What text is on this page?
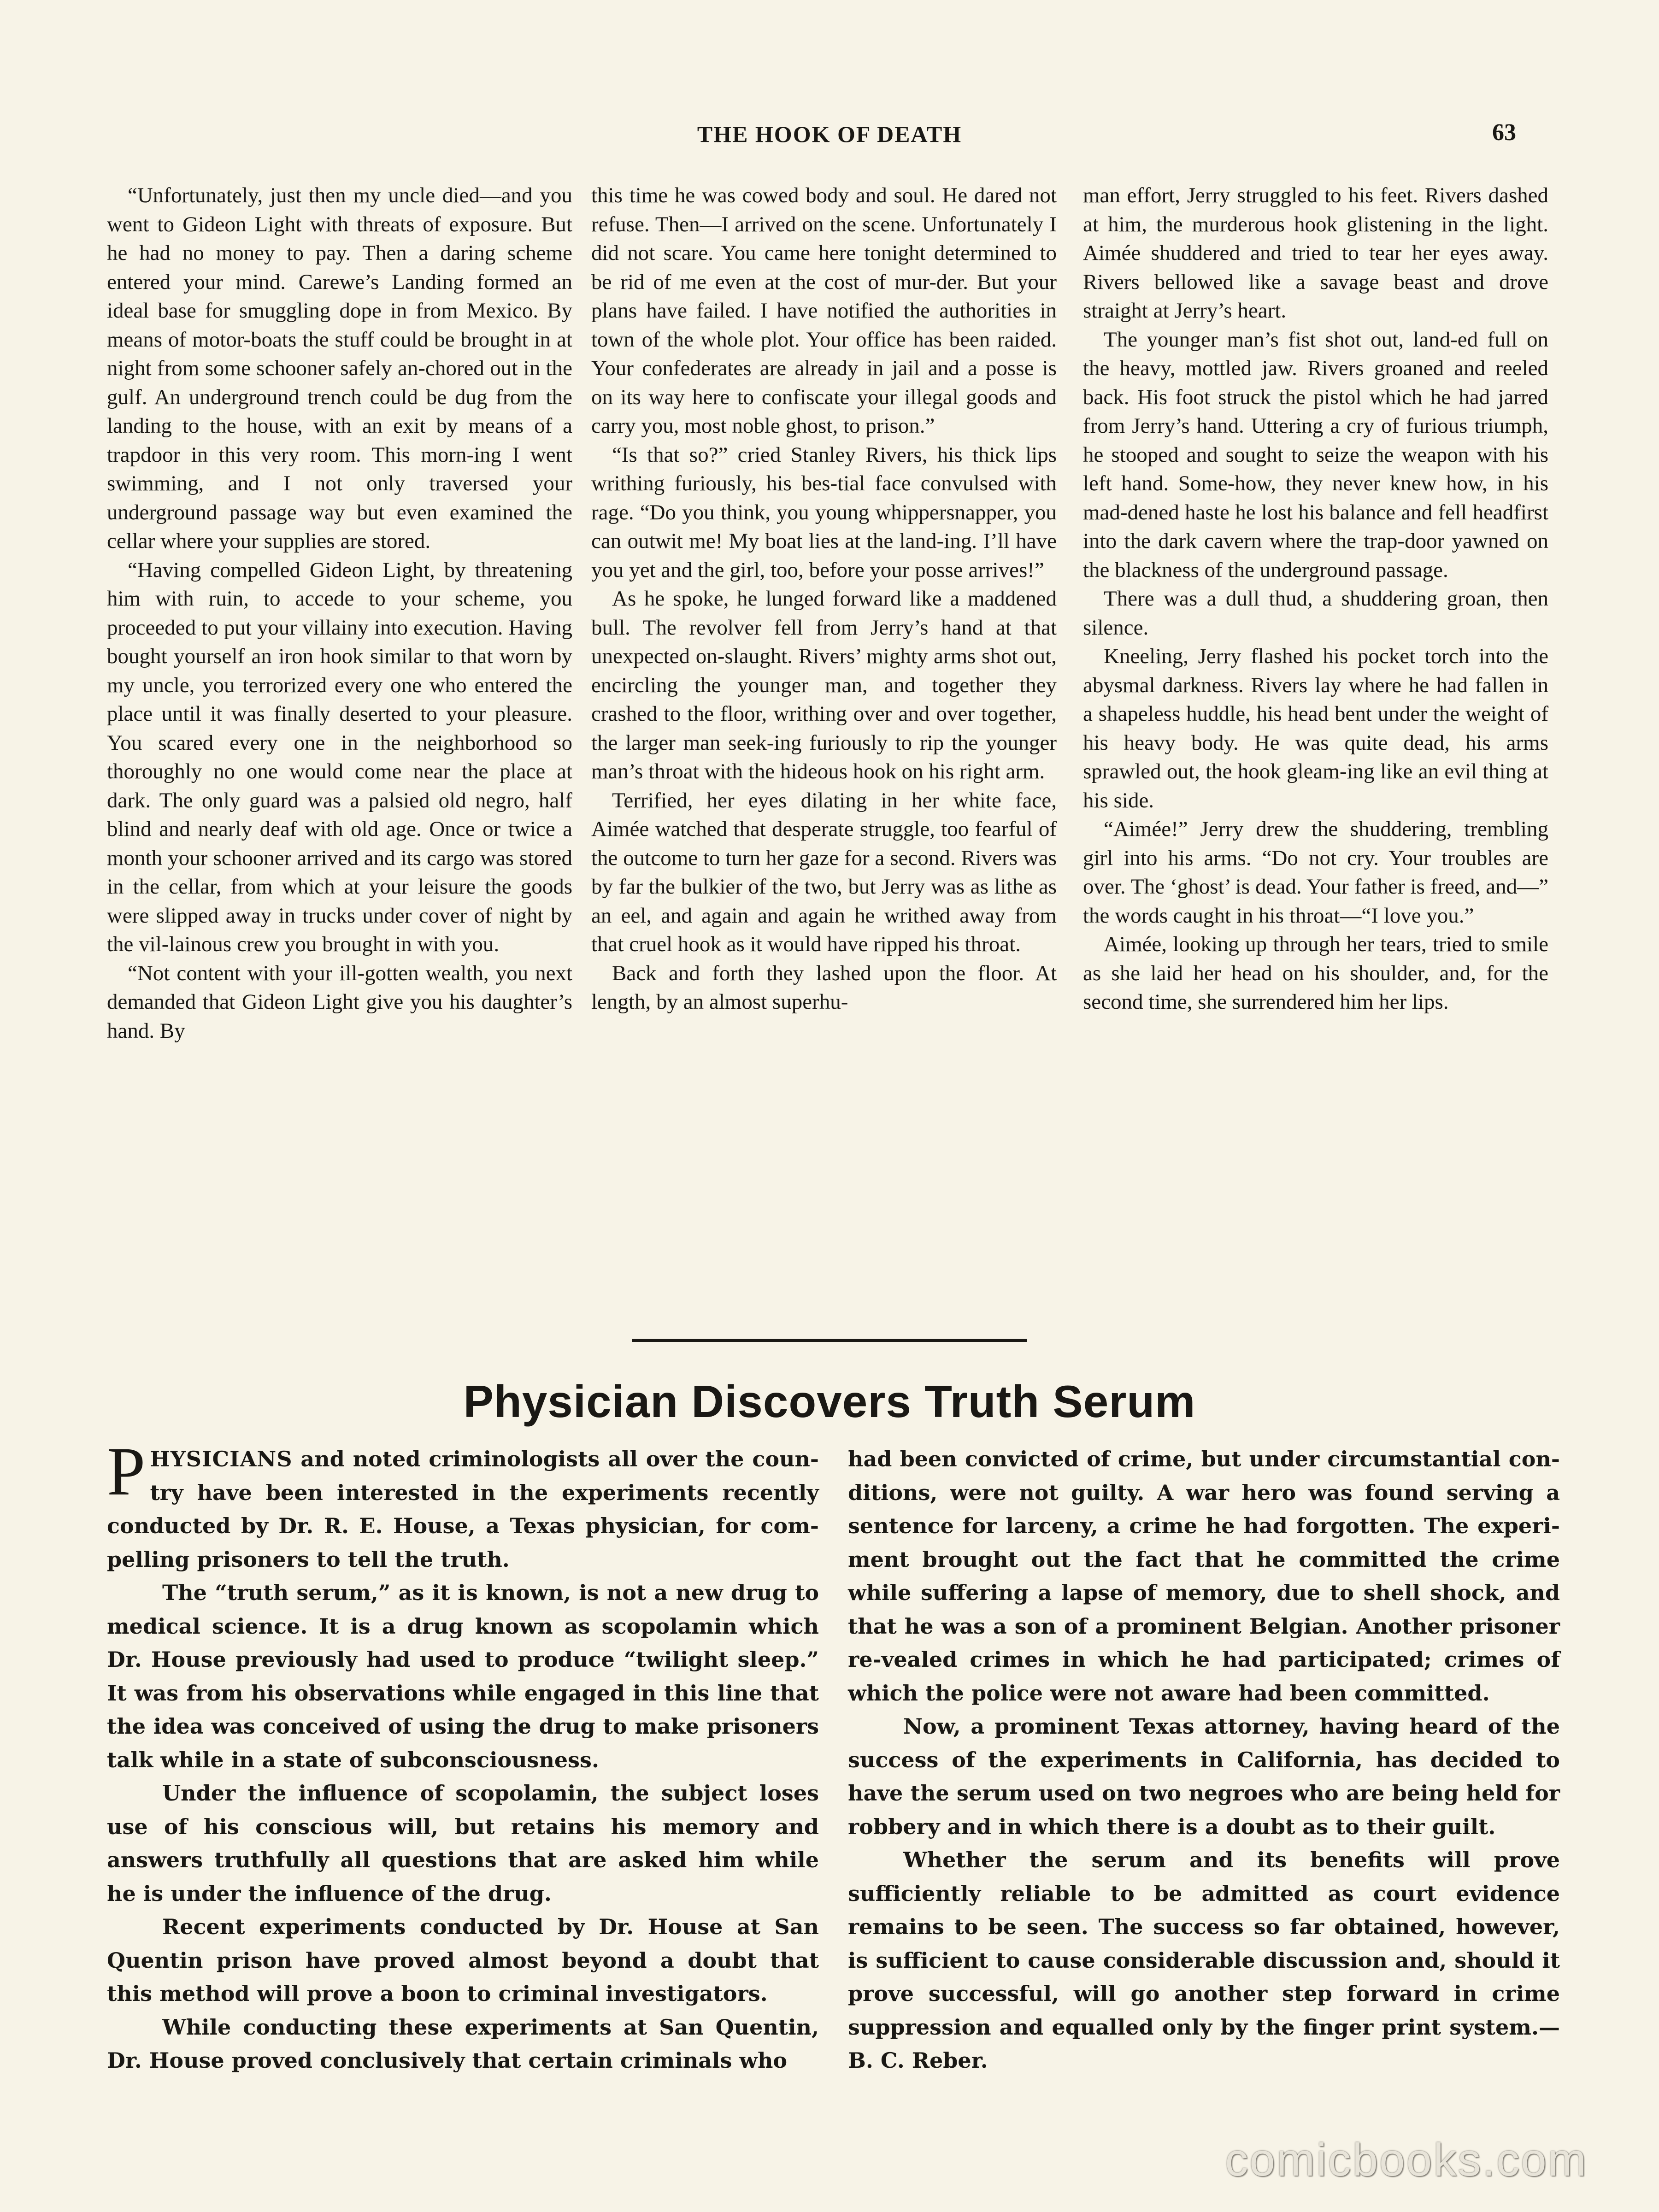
THE HOOK OF DEATH	63

“Unfortunately, just then my uncle died—and you went to Gideon Light with threats of exposure. But he had no money to pay. Then a daring scheme entered your mind. Carewe’s Landing formed an ideal base for smuggling dope in from Mexico. By means of motor-boats the stuff could be brought in at night from some schooner safely an-chored out in the gulf. An underground trench could be dug from the landing to the house, with an exit by means of a trapdoor in this very room. This morn-ing I went swimming, and I not only traversed your underground passage way but even examined the cellar where your supplies are stored.

“Having compelled Gideon Light, by threatening him with ruin, to accede to your scheme, you proceeded to put your villainy into execution. Having bought yourself an iron hook similar to that worn by my uncle, you terrorized every one who entered the place until it was finally deserted to your pleasure. You scared every one in the neighborhood so thoroughly no one would come near the place at dark. The only guard was a palsied old negro, half blind and nearly deaf with old age. Once or twice a month your schooner arrived and its cargo was stored in the cellar, from which at your leisure the goods were slipped away in trucks under cover of night by the vil-lainous crew you brought in with you.

“Not content with your ill-gotten wealth, you next demanded that Gideon Light give you his daughter’s hand. By

this time he was cowed body and soul. He dared not refuse. Then—I arrived on the scene. Unfortunately I did not scare. You came here tonight determined to be rid of me even at the cost of mur-der. But your plans have failed. I have notified the authorities in town of the whole plot. Your office has been raided. Your confederates are already in jail and a posse is on its way here to confiscate your illegal goods and carry you, most noble ghost, to prison.”

“Is that so?” cried Stanley Rivers, his thick lips writhing furiously, his bes-tial face convulsed with rage. “Do you think, you young whippersnapper, you can outwit me! My boat lies at the land-ing. I’ll have you yet and the girl, too, before your posse arrives!”

As he spoke, he lunged forward like a maddened bull. The revolver fell from Jerry’s hand at that unexpected on-slaught. Rivers’ mighty arms shot out, encircling the younger man, and together they crashed to the floor, writhing over and over together, the larger man seek-ing furiously to rip the younger man’s throat with the hideous hook on his right arm.

Terrified, her eyes dilating in her white face, Aimée watched that desperate struggle, too fearful of the outcome to turn her gaze for a second. Rivers was by far the bulkier of the two, but Jerry was as lithe as an eel, and again and again he writhed away from that cruel hook as it would have ripped his throat.

Back and forth they lashed upon the floor. At length, by an almost superhu-

man effort, Jerry struggled to his feet. Rivers dashed at him, the murderous hook glistening in the light. Aimée shuddered and tried to tear her eyes away. Rivers bellowed like a savage beast and drove straight at Jerry’s heart.

The younger man’s fist shot out, land-ed full on the heavy, mottled jaw. Rivers groaned and reeled back. His foot struck the pistol which he had jarred from Jerry’s hand. Uttering a cry of furious triumph, he stooped and sought to seize the weapon with his left hand. Some-how, they never knew how, in his mad-dened haste he lost his balance and fell headfirst into the dark cavern where the trap-door yawned on the blackness of the underground passage.

There was a dull thud, a shuddering groan, then silence.

Kneeling, Jerry flashed his pocket torch into the abysmal darkness. Rivers lay where he had fallen in a shapeless huddle, his head bent under the weight of his heavy body. He was quite dead, his arms sprawled out, the hook gleam-ing like an evil thing at his side.

“Aimée!” Jerry drew the shuddering, trembling girl into his arms. “Do not cry. Your troubles are over. The ‘ghost’ is dead. Your father is freed, and—” the words caught in his throat—“I love you.”

Aimée, looking up through her tears, tried to smile as she laid her head on his shoulder, and, for the second time, she surrendered him her lips.

Physician Discovers Truth Serum

PHYSICIANS and noted criminologists all over the coun-try have been interested in the experiments recently conducted by Dr. R. E. House, a Texas physician, for com-pelling prisoners to tell the truth.

The “truth serum,” as it is known, is not a new drug to medical science. It is a drug known as scopolamin which Dr. House previously had used to produce “twilight sleep.” It was from his observations while engaged in this line that the idea was conceived of using the drug to make prisoners talk while in a state of subconsciousness.

Under the influence of scopolamin, the subject loses use of his conscious will, but retains his memory and answers truthfully all questions that are asked him while he is under the influence of the drug.

Recent experiments conducted by Dr. House at San Quentin prison have proved almost beyond a doubt that this method will prove a boon to criminal investigators.

While conducting these experiments at San Quentin, Dr. House proved conclusively that certain criminals who

had been convicted of crime, but under circumstantial con-ditions, were not guilty. A war hero was found serving a sentence for larceny, a crime he had forgotten. The experi-ment brought out the fact that he committed the crime while suffering a lapse of memory, due to shell shock, and that he was a son of a prominent Belgian. Another prisoner re-vealed crimes in which he had participated; crimes of which the police were not aware had been committed.

Now, a prominent Texas attorney, having heard of the success of the experiments in California, has decided to have the serum used on two negroes who are being held for robbery and in which there is a doubt as to their guilt.

Whether the serum and its benefits will prove sufficiently reliable to be admitted as court evidence remains to be seen. The success so far obtained, however, is sufficient to cause considerable discussion and, should it prove successful, will go another step forward in crime suppression and equalled only by the finger print system.—B. C. Reber.

comicbooks.com
